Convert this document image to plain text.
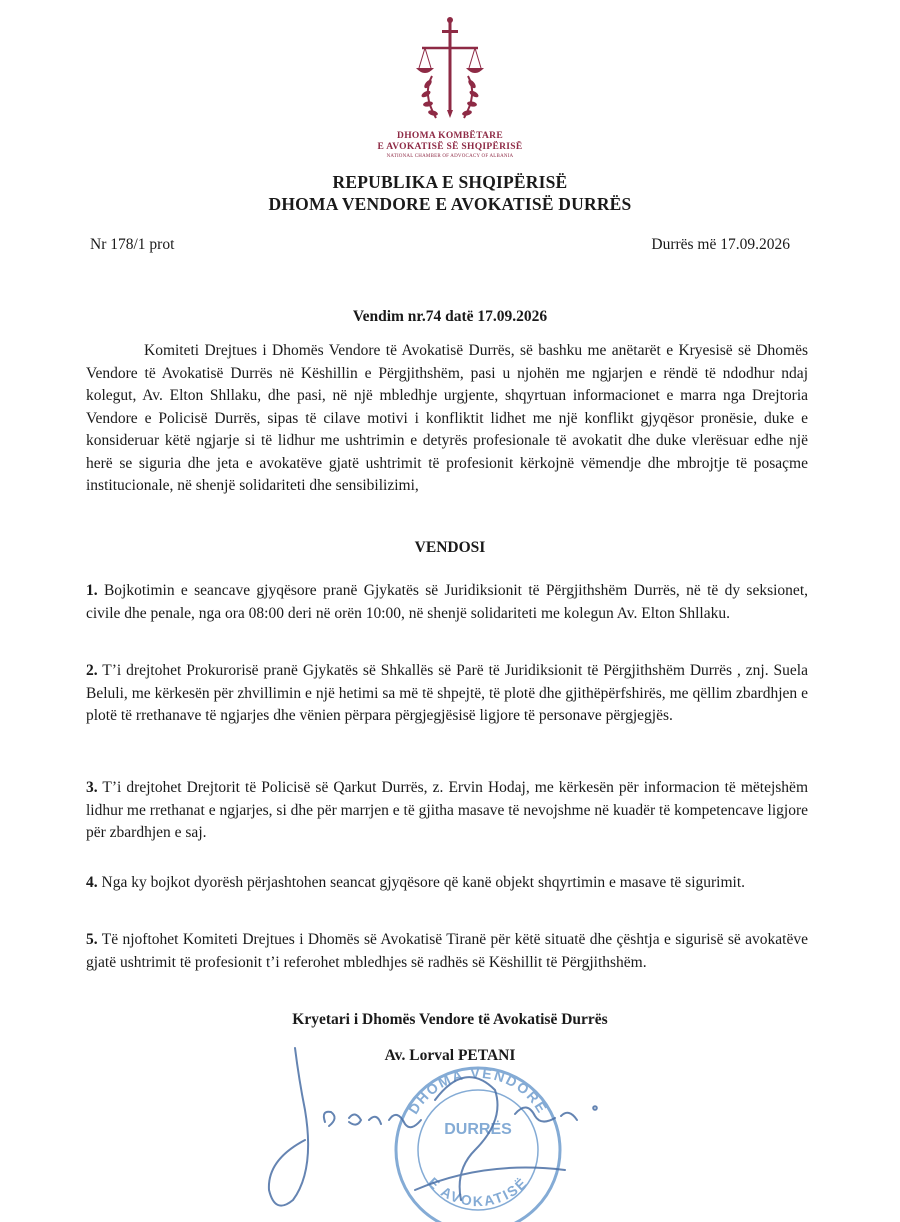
DHOMA KOMBËTARE
E AVOKATISË SË SHQIPËRISË
NATIONAL CHAMBER OF ADVOCACY OF ALBANIA
REPUBLIKA E SHQIPËRISË
DHOMA VENDORE E AVOKATISË DURRËS
Nr 178/1 prot	Durrës më 17.09.2026
Vendim nr.74 datë 17.09.2026
Komiteti Drejtues i Dhomës Vendore të Avokatisë Durrës, së bashku me anëtarët e Kryesisë së Dhomës Vendore të Avokatisë Durrës në Këshillin e Përgjithshëm, pasi u njohën me ngjarjen e rëndë të ndodhur ndaj kolegut, Av. Elton Shllaku, dhe pasi, në një mbledhje urgjente, shqyrtuan informacionet e marra nga Drejtoria Vendore e Policisë Durrës, sipas të cilave motivi i konfliktit lidhet me një konflikt gjyqësor pronësie, duke e konsideruar këtë ngjarje si të lidhur me ushtrimin e detyrës profesionale të avokatit dhe duke vlerësuar edhe një herë se siguria dhe jeta e avokatëve gjatë ushtrimit të profesionit kërkojnë vëmendje dhe mbrojtje të posaçme institucionale, në shenjë solidariteti dhe sensibilizimi,
VENDOSI
1. Bojkotimin e seancave gjyqësore pranë Gjykatës së Juridiksionit të Përgjithshëm Durrës, në të dy seksionet, civile dhe penale, nga ora 08:00 deri në orën 10:00, në shenjë solidariteti me kolegun Av. Elton Shllaku.
2. T’i drejtohet Prokurorisë pranë Gjykatës së Shkallës së Parë të Juridiksionit të Përgjithshëm Durrës , znj. Suela Beluli, me kërkesën për zhvillimin e një hetimi sa më të shpejtë, të plotë dhe gjithëpërfshirës, me qëllim zbardhjen e plotë të rrethanave të ngjarjes dhe vënien përpara përgjegjësisë ligjore të personave përgjegjës.
3. T’i drejtohet Drejtorit të Policisë së Qarkut Durrës, z. Ervin Hodaj, me kërkesën për informacion të mëtejshëm lidhur me rrethanat e ngjarjes, si dhe për marrjen e të gjitha masave të nevojshme në kuadër të kompetencave ligjore për zbardhjen e saj.
4. Nga ky bojkot dyorësh përjashtohen seancat gjyqësore që kanë objekt shqyrtimin e masave të sigurimit.
5. Të njoftohet Komiteti Drejtues i Dhomës së Avokatisë Tiranë për këtë situatë dhe çështja e sigurisë së avokatëve gjatë ushtrimit të profesionit t’i referohet mbledhjes së radhës së Këshillit të Përgjithshëm.
Kryetari i Dhomës Vendore të Avokatisë Durrës
Av. Lorval PETANI
DHOMA VENDORE
DURRËS
E AVOKATISË
